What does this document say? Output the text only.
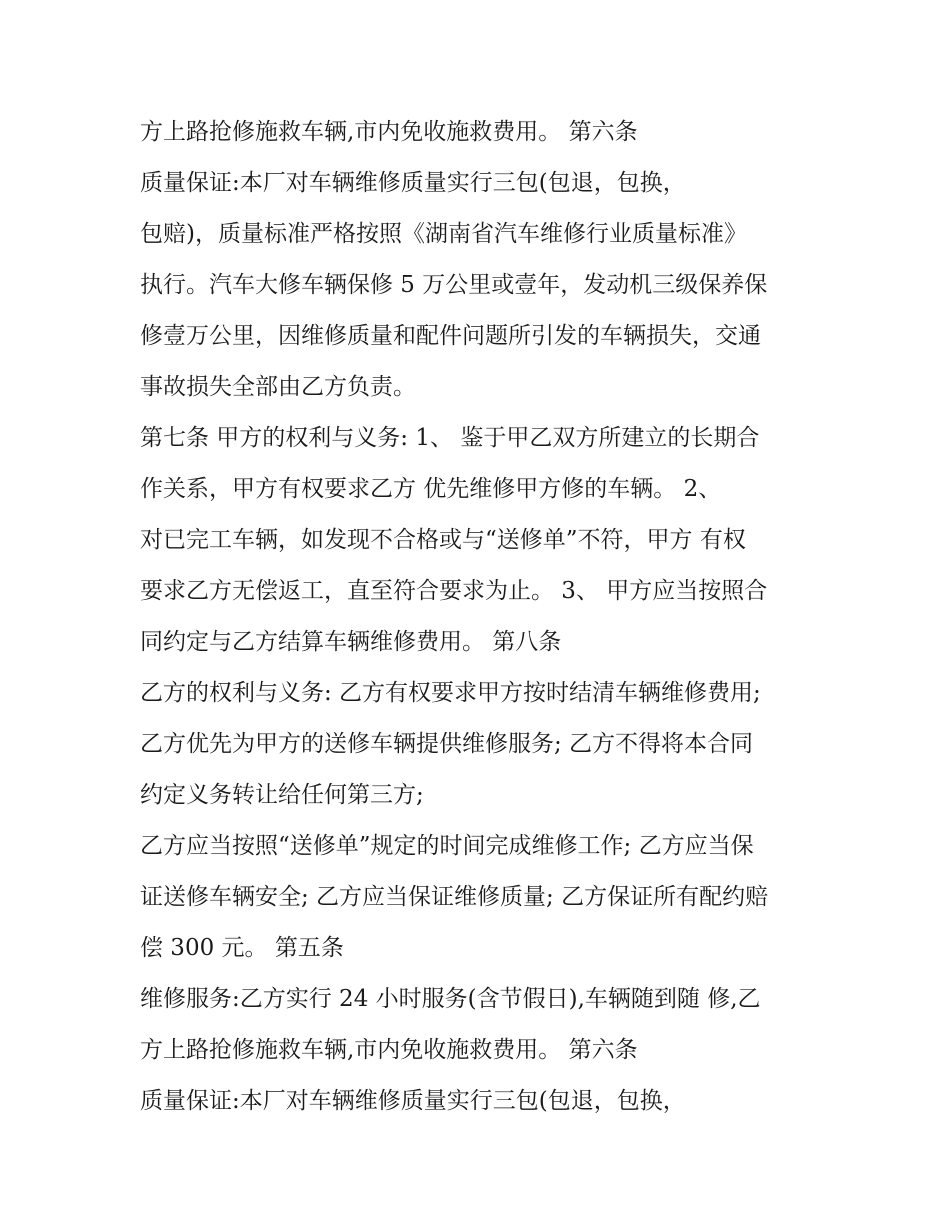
方上路抢修施救车辆,市内免收施救费用。 第六条
质量保证:本厂对车辆维修质量实行三包(包退，包换，
包赔)，质量标准严格按照《湖南省汽车维修行业质量标准》
执行。汽车大修车辆保修 5 万公里或壹年，发动机三级保养保
修壹万公里，因维修质量和配件问题所引发的车辆损失，交通
事故损失全部由乙方负责。
第七条 甲方的权利与义务: 1、 鉴于甲乙双方所建立的长期合
作关系，甲方有权要求乙方 优先维修甲方修的车辆。 2、
对已完工车辆，如发现不合格或与“送修单”不符，甲方 有权
要求乙方无偿返工，直至符合要求为止。 3、 甲方应当按照合
同约定与乙方结算车辆维修费用。 第八条
乙方的权利与义务: 乙方有权要求甲方按时结清车辆维修费用;
乙方优先为甲方的送修车辆提供维修服务; 乙方不得将本合同
约定义务转让给任何第三方;
乙方应当按照“送修单”规定的时间完成维修工作; 乙方应当保
证送修车辆安全; 乙方应当保证维修质量; 乙方保证所有配约赔
偿 300 元。 第五条
维修服务:乙方实行 24 小时服务(含节假日),车辆随到随 修,乙
方上路抢修施救车辆,市内免收施救费用。 第六条
质量保证:本厂对车辆维修质量实行三包(包退，包换，
